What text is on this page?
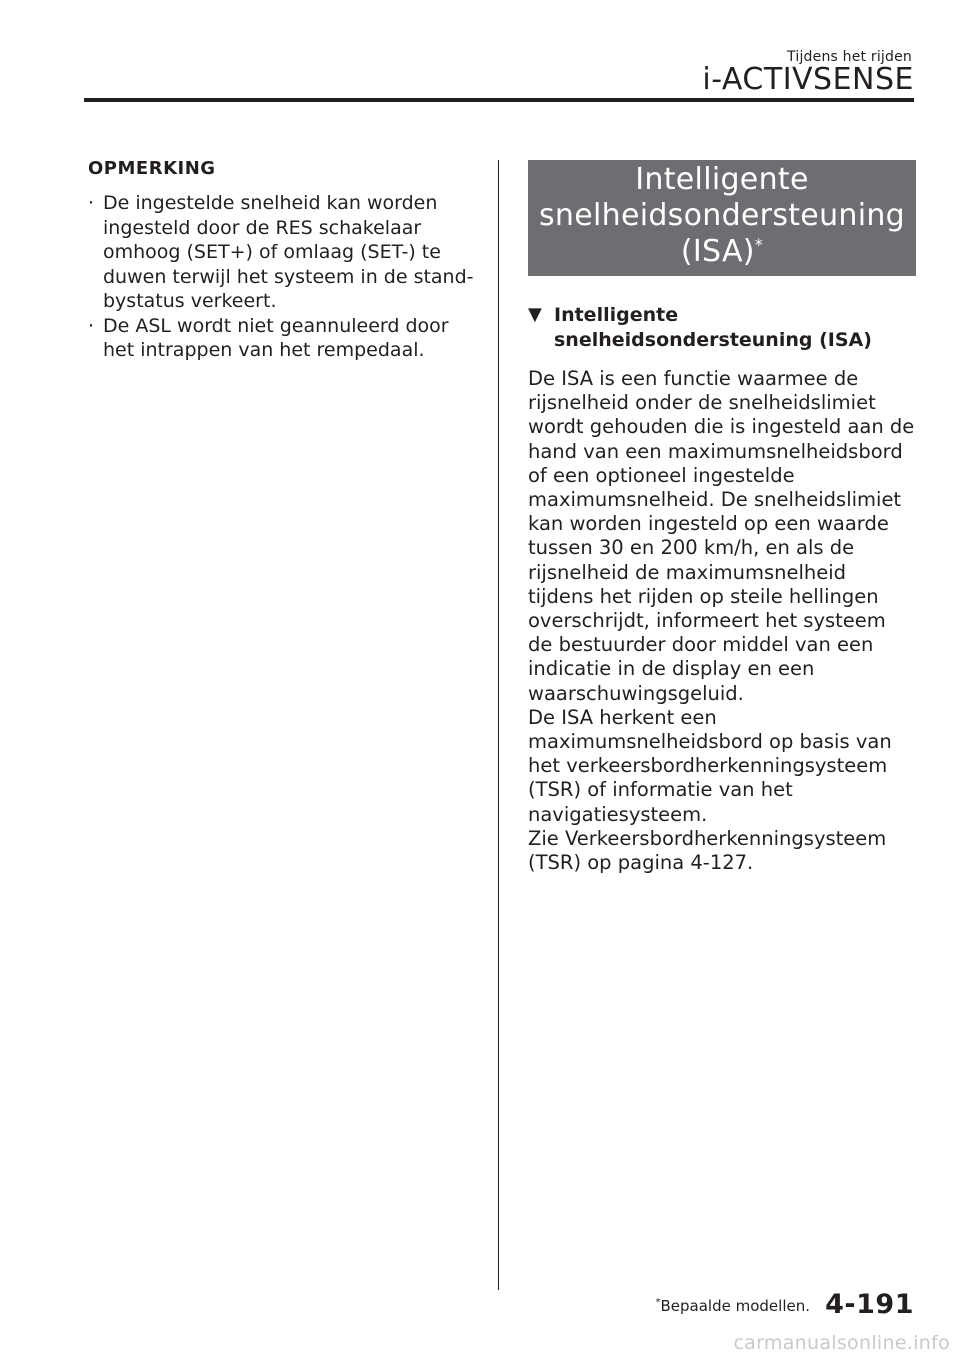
Tijdens het rijden
i-ACTIVSENSE
OPMERKING
· De ingestelde snelheid kan worden ingesteld door de RES schakelaar omhoog (SET+) of omlaag (SET-) te duwen terwijl het systeem in de stand-bystatus verkeert.
· De ASL wordt niet geannuleerd door het intrappen van het rempedaal.
Intelligente
snelheidsondersteuning
(ISA)*
▼ Intelligente
snelheidsondersteuning (ISA)

De ISA is een functie waarmee de rijsnelheid onder de snelheidslimiet wordt gehouden die is ingesteld aan de hand van een maximumsnelheidsbord of een optioneel ingestelde maximumsnelheid. De snelheidslimiet kan worden ingesteld op een waarde tussen 30 en 200 km/h, en als de rijsnelheid de maximumsnelheid tijdens het rijden op steile hellingen overschrijdt, informeert het systeem de bestuurder door middel van een indicatie in de display en een waarschuwingsgeluid.

De ISA herkent een maximumsnelheidsbord op basis van het verkeersbordherkenningsysteem (TSR) of informatie van het navigatiesysteem.

Zie Verkeersbordherkenningsysteem (TSR) op pagina 4-127.

*Bepaalde modellen. 4-191
carmanualsonline.info
